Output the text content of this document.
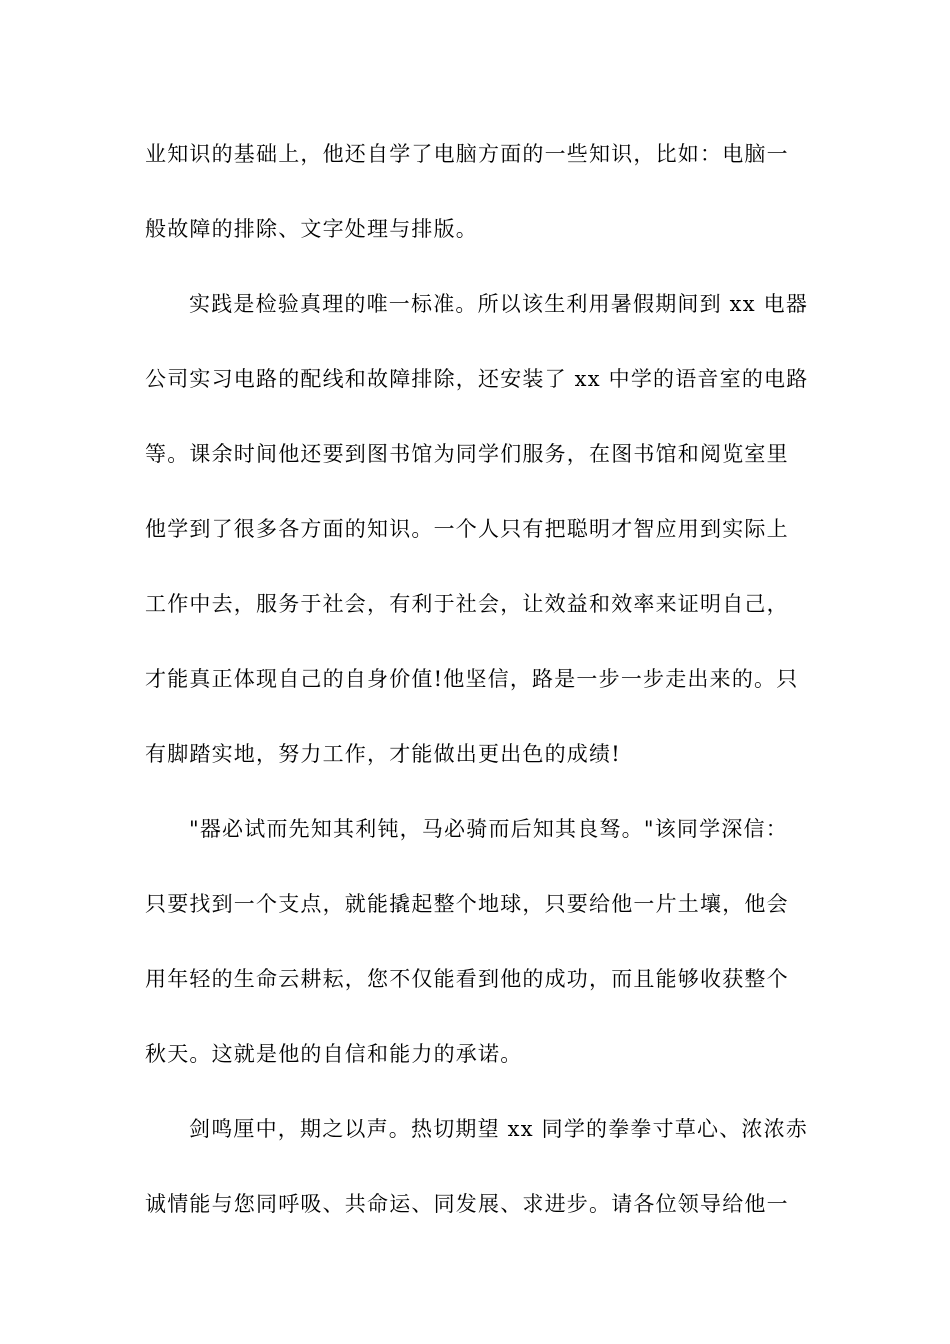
业知识的基础上，他还自学了电脑方面的一些知识，比如：电脑一
般故障的排除、文字处理与排版。
实践是检验真理的唯一标准。所以该生利用暑假期间到 xx 电器
公司实习电路的配线和故障排除，还安装了 xx 中学的语音室的电路
等。课余时间他还要到图书馆为同学们服务，在图书馆和阅览室里
他学到了很多各方面的知识。一个人只有把聪明才智应用到实际上
工作中去，服务于社会，有利于社会，让效益和效率来证明自己，
才能真正体现自己的自身价值!他坚信，路是一步一步走出来的。只
有脚踏实地，努力工作，才能做出更出色的成绩!
"器必试而先知其利钝，马必骑而后知其良驽。"该同学深信：
只要找到一个支点，就能撬起整个地球，只要给他一片土壤，他会
用年轻的生命云耕耘，您不仅能看到他的成功，而且能够收获整个
秋天。这就是他的自信和能力的承诺。
剑鸣厘中，期之以声。热切期望 xx 同学的拳拳寸草心、浓浓赤
诚情能与您同呼吸、共命运、同发展、求进步。请各位领导给他一
